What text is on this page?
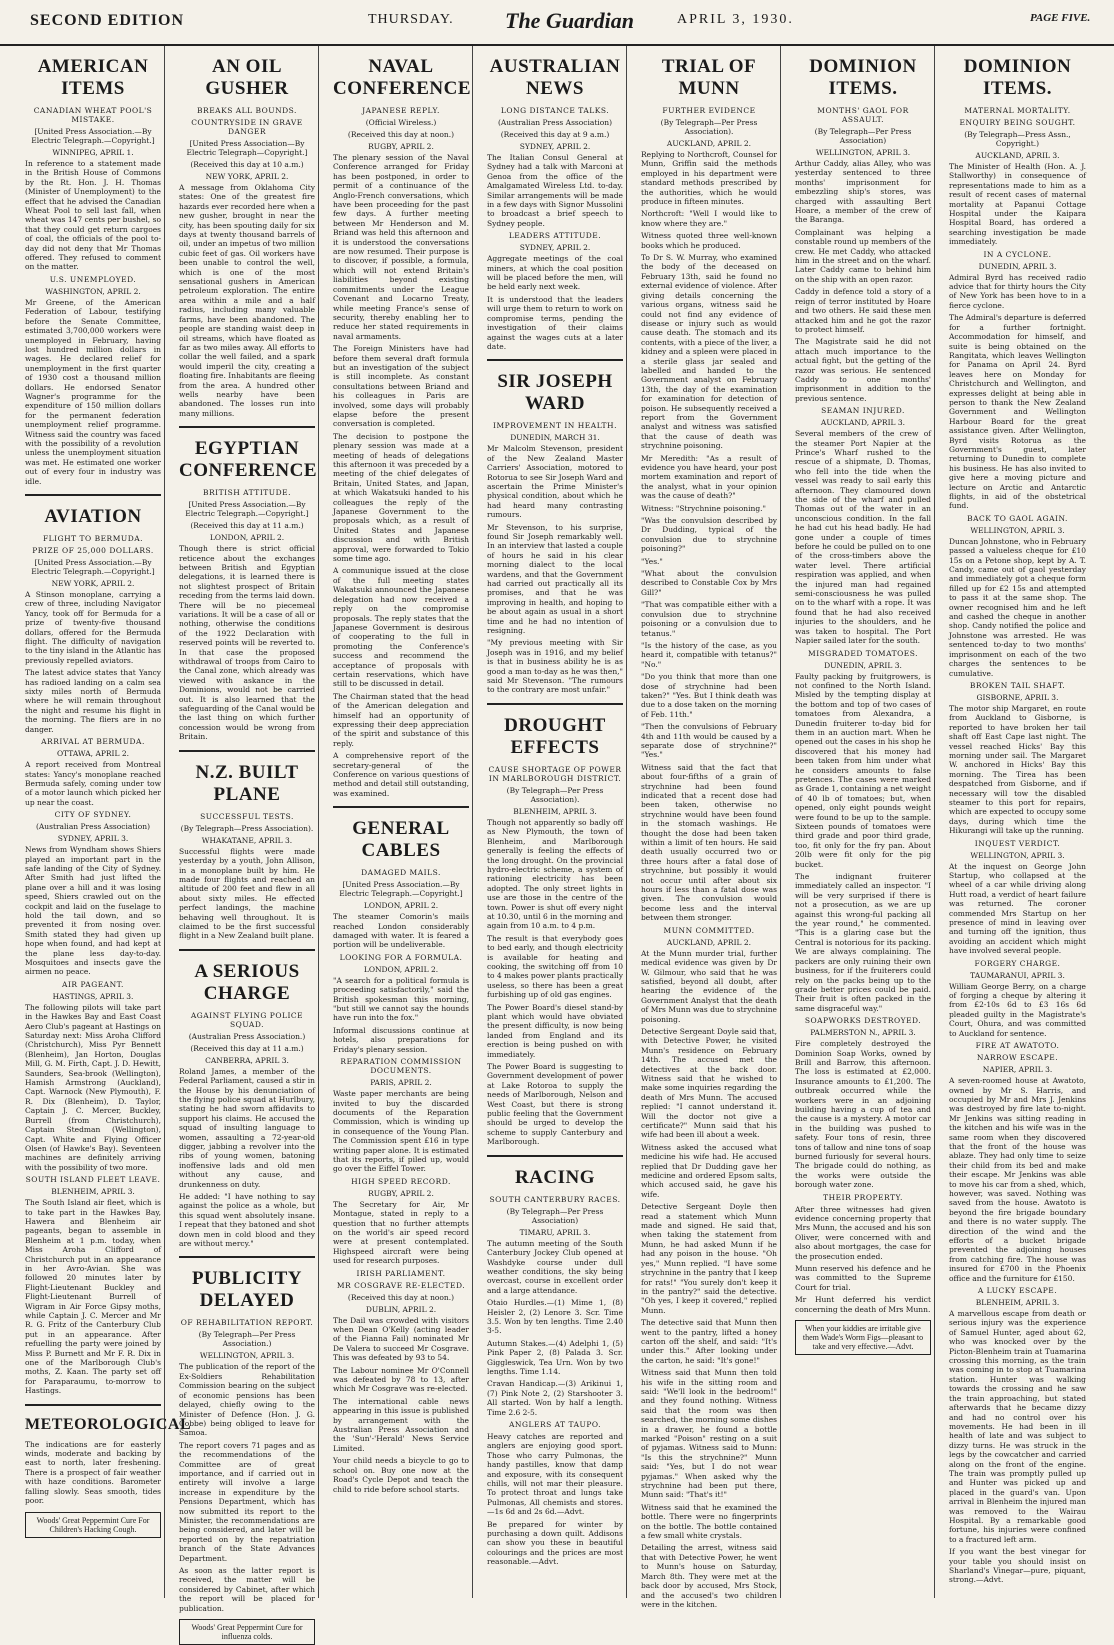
SECOND EDITION	THURSDAY. The Guardian	APRIL 3, 1930.	PAGE FIVE.
AMERICAN ITEMS
CANADIAN WHEAT POOL'S MISTAKE.
[United Press Association.—By Electric Telegraph.—Copyright.]
WINNIPEG, APRIL 1.
In reference to a statement made in the British House of Commons by the Rt. Hon. J. H. Thomas (Minister of Unemployment) to the effect that he advised the Canadian Wheat Pool to sell last fall, when wheat was 147 cents per bushel, so that they could get return cargoes of coal, the officials of the pool to-day did not deny that Mr Thomas offered. They refused to comment on the matter.
U.S. UNEMPLOYED.
WASHINGTON, APRIL 2.
Mr Greene, of the American Federation of Labour, testifying before the Senate Committee, estimated 3,700,000 workers were unemployed in February, having lost hundred million dollars in wages. He declared relief for unemployment in the first quarter of 1930 cost a thousand million dollars. He endorsed Senator Wagner's programme for the expenditure of 150 million dollars for the permanent federation unemployment relief programme. Witness said the country was faced with the possibility of a revolution unless the unemployment situation was met. He estimated one worker out of every four in industry was idle.
AVIATION
FLIGHT TO BERMUDA.
PRIZE OF 25,000 DOLLARS.
[United Press Association.—By Electric Telegraph.—Copyright.]
NEW YORK, APRIL 2.
A Stinson monoplane, carrying a crew of three, including Navigator Yancy, took off for Bermuda for a prize of twenty-five thousand dollars, offered for the Bermuda flight. The difficulty of navigation to the tiny island in the Atlantic has previously repelled aviators.
The latest advice states that Yancy has radioed landing on a calm sea sixty miles north of Bermuda where he will remain throughout the night and resume his flight in the morning. The fliers are in no danger.
ARRIVAL AT BERMUDA.
OTTAWA, APRIL 2.
A report received from Montreal states: Yancy's monoplane reached Bermuda safely, coming under tow of a motor launch which picked her up near the coast.
CITY OF SYDNEY.
(Australian Press Association)
SYDNEY, APRIL 3.
News from Wyndham shows Shiers played an important part in the safe landing of the City of Sydney. After Smith had just lifted the plane over a hill and it was losing speed, Shiers crawled out on the cockpit and laid on the fuselage to hold the tail down, and so prevented it from nosing over. Smith stated they had given up hope when found, and had kept at the plane less day-to-day. Mosquitoes and insects gave the airmen no peace.
AIR PAGEANT.
HASTINGS, APRIL 3.
The following pilots will take part in the Hawkes Bay and East Coast Aero Club's pageant at Hastings on Saturday next: Miss Aroha Clifford (Christchurch), Miss Pyr Bennett (Blenheim), Jan Horton, Douglas Mill, G. M. Firth, Capt. J. D. Hewitt, Saunders, Sea-brook (Wellington), Hamish Armstrong (Auckland), Capt. Warnock (New Plymouth), F. R. Dix (Blenheim), D. Taylor, Captain J. C. Mercer, Buckley, Burrell (from Christchurch), Captain Stedman (Wellington), Capt. White and Flying Officer Olsen (of Hawke's Bay). Seventeen machines are definitely arriving with the possibility of two more.
SOUTH ISLAND FLEET LEAVE.
BLENHEIM, APRIL 3.
The South Island air fleet, which is to take part in the Hawkes Bay, Hawera and Blenheim air pageants, began to assemble in Blenheim at 1 p.m. today, when Miss Aroha Clifford of Christchurch put in an appearance in her Avro-Avian. She was followed 20 minutes later by Flight-Lieutenant Buckley and Flight-Lieutenant Burrell of Wigram in Air Force Gipsy moths, while Captain J. C. Mercer and Mr R. G. Fritz of the Canterbury Club put in an appearance. After refuelling the party were joined by Miss P. Burnett and Mr F. R. Dix in one of the Marlborough Club's moths, Z. Kaan. The party set off for Paraparaumu, to-morrow to Hastings.
METEOROLOGICAL
The indications are for easterly winds, moderate and backing by east to north, later freshening. There is a prospect of fair weather with haze conditions. Barometer falling slowly. Seas smooth, tides poor.
Woods' Great Peppermint Cure For Children's Hacking Cough.
AN OIL GUSHER
BREAKS ALL BOUNDS.
COUNTRYSIDE IN GRAVE DANGER
[United Press Association—By Electric Telegraph—Copyright.]
(Received this day at 10 a.m.)
NEW YORK, APRIL 2.
A message from Oklahoma City states: One of the greatest fire hazards ever recorded here when a new gusher, brought in near the city, has been spouting daily for six days at twenty thousand barrels of oil, under an impetus of two million cubic feet of gas. Oil workers have been unable to control the well, which is one of the most sensational gushers in American petroleum exploration. The entire area within a mile and a half radius, including many valuable farms, have been abandoned. The people are standing waist deep in oil streams, which have floated as far as two miles away. All efforts to collar the well failed, and a spark would imperil the city, creating a floating fire. Inhabitants are fleeing from the area. A hundred other wells nearby have been abandoned. The losses run into many millions.
EGYPTIAN CONFERENCE
BRITISH ATTITUDE.
[United Press Association.—By Electric Telegraph.—Copyright.]
(Received this day at 11 a.m.)
LONDON, APRIL 2.
Though there is strict official reticence about the exchanges between British and Egyptian delegations, it is learned there is not slightest prospect of Britain receding from the terms laid down. There will be no piecemeal variations. It will be a case of all or nothing, otherwise the conditions of the 1922 Declaration with reserved points will be reverted to. In that case the proposed withdrawal of troops from Cairo to the Canal zone, which already was viewed with askance in the Dominions, would not be carried out. It is also learned that the safeguarding of the Canal would be the last thing on which further concession would be wrong from Britain.
N.Z. BUILT PLANE
SUCCESSFUL TESTS.
(By Telegraph—Press Association).
WHAKATANE, APRIL 3.
Successful flights were made yesterday by a youth, John Allison, in a monoplane built by him. He made four flights and reached an altitude of 200 feet and flew in all about sixty miles. He effected perfect landings, the machine behaving well throughout. It is claimed to be the first successful flight in a New Zealand built plane.
A SERIOUS CHARGE
AGAINST FLYING POLICE SQUAD.
(Australian Press Association.)
(Received this day at 11 a.m.)
CANBERRA, APRIL 3.
Roland James, a member of the Federal Parliament, caused a stir in the House by his denunciation of the flying police squad at Hurlbury, stating he had sworn affidavits to support his claims. He accused the squad of insulting language to women, assaulting a 72-year-old digger, jabbing a revolver into the ribs of young women, batoning inoffensive lads and old men without any cause, and drunkenness on duty.
He added: "I have nothing to say against the police as a whole, but this squad went absolutely insane. I repeat that they batoned and shot down men in cold blood and they are without mercy."
PUBLICITY DELAYED
OF REHABILITATION REPORT.
(By Telegraph—Per Press Association.)
WELLINGTON, APRIL 3.
The publication of the report of the Ex-Soldiers Rehabilitation Commission bearing on the subject of economic pensions has been delayed, chiefly owing to the Minister of Defence (Hon. J. G. Cobbe) being obliged to leave for Samoa.
The report covers 71 pages and as the recommendations of the Committee are of great importance, and if carried out in entirety will involve a large increase in expenditure by the Pensions Department, which has now submitted its report to the Minister, the recommendations are being considered, and later will be reported on by the repatriation branch of the State Advances Department.
As soon as the latter report is received, the matter will be considered by Cabinet, after which the report will be placed for publication.
Woods' Great Peppermint Cure for influenza colds.
NAVAL CONFERENCE
JAPANESE REPLY.
(Official Wireless.)
(Received this day at noon.)
RUGBY, APRIL 2.
The plenary session of the Naval Conference arranged for Friday has been postponed, in order to permit of a continuance of the Anglo-French conversations, which have been proceeding for the past few days. A further meeting between Mr Henderson and M. Briand was held this afternoon and it is understood the conversations are now resumed. Their purpose is to discover, if possible, a formula, which will not extend Britain's liabilities beyond existing commitments under the League Covenant and Locarno Treaty, while meeting France's sense of security, thereby enabling her to reduce her stated requirements in naval armaments.
The Foreign Ministers have had before them several draft formula but an investigation of the subject is still incomplete. As constant consultations between Briand and his colleagues in Paris are involved, some days will probably elapse before the present conversation is completed.
The decision to postpone the plenary session was made at a meeting of heads of delegations this afternoon it was preceded by a meeting of the chief delegates of Britain, United States, and Japan, at which Wakatsuki handed to his colleagues the reply of the Japanese Government to the proposals which, as a result of United States and Japanese discussion and with British approval, were forwarded to Tokio some time ago.
A communique issued at the close of the full meeting states Wakatsuki announced the Japanese delegation had now received a reply on the compromise proposals. The reply states that the Japanese Government is desirous of cooperating to the full in promoting the Conference's success and recommend the acceptance of proposals with certain reservations, which have still to be discussed in detail.
The Chairman stated that the head of the American delegation and himself had an opportunity of expressing their deep appreciation of the spirit and substance of this reply.
A comprehensive report of the secretary-general of the Conference on various questions of method and detail still outstanding, was examined.
GENERAL CABLES
DAMAGED MAILS.
[United Press Association.—By Electric Telegraph.—Copyright.]
LONDON, APRIL 2.
The steamer Comorin's mails reached London considerably damaged with water. It is feared a portion will be undeliverable.
LOOKING FOR A FORMULA.
LONDON, APRIL 2.
"A search for a political formula is proceeding satisfactorily," said the British spokesman this morning, "but still we cannot say the hounds have run into the fox."
Informal discussions continue at hotels, also preparations for Friday's plenary session.
REPARATION COMMISSION DOCUMENTS.
PARIS, APRIL 2.
Waste paper merchants are being invited to buy the discarded documents of the Reparation Commission, which is winding up in consequence of the Young Plan. The Commission spent £16 in type writing paper alone. It is estimated that its reports, if piled up, would go over the Eiffel Tower.
HIGH SPEED RECORD.
RUGBY, APRIL 2.
The Secretary for Air, Mr Montague, stated in reply to a question that no further attempts on the world's air speed record were at present contemplated. Highspeed aircraft were being used for research purposes.
IRISH PARLIAMENT.
MR COSGRAVE RE-ELECTED.
(Received this day at noon.)
DUBLIN, APRIL 2.
The Dail was crowded with visitors when Dean O'Kelly (acting leader of the Fianna Fail) nominated Mr De Valera to succeed Mr Cosgrave. This was defeated by 93 to 54.
The Labour nominee Mr O'Connell was defeated by 78 to 13, after which Mr Cosgrave was re-elected.
The international cable news appearing in this issue is published by arrangement with the Australian Press Association and the 'Sun'-'Herald' News Service Limited.
Your child needs a bicycle to go to school on. Buy one now at the Road's Cycle Depot and teach the child to ride before school starts.
AUSTRALIAN NEWS
LONG DISTANCE TALKS.
(Australian Press Association)
(Received this day at 9 a.m.)
SYDNEY, APRIL 2.
The Italian Consul General at Sydney had a talk with Marconi at Genoa from the office of the Amalgamated Wireless Ltd. to-day. Similar arrangements will be made in a few days with Signor Mussolini to broadcast a brief speech to Sydney people.
LEADERS ATTITUDE.
SYDNEY, APRIL 2.
Aggregate meetings of the coal miners, at which the coal position will be placed before the men, will be held early next week.
It is understood that the leaders will urge them to return to work on compromise terms, pending the investigation of their claims against the wages cuts at a later date.
SIR JOSEPH WARD
IMPROVEMENT IN HEALTH.
DUNEDIN, MARCH 31.
Mr Malcolm Stevenson, president of the New Zealand Master Carriers' Association, motored to Rotorua to see Sir Joseph Ward and ascertain the Prime Minister's physical condition, about which he had heard many contrasting rumours.
Mr Stevenson, to his surprise, found Sir Joseph remarkably well. In an interview that lasted a couple of hours he said in his clear morning dialect to the local wardens, and that the Government had carried out practically all its promises, and that he was improving in health, and hoping to be about again as usual in a short time and he had no intention of resigning.
"My previous meeting with Sir Joseph was in 1916, and my belief is that in business ability he is as good a man to-day as he was then," said Mr Stevenson. "The rumours to the contrary are most unfair."
DROUGHT EFFECTS
CAUSE SHORTAGE OF POWER IN MARLBOROUGH DISTRICT.
(By Telegraph—Per Press Association).
BLENHEIM, APRIL 3.
Though not apparently so badly off as New Plymouth, the town of Blenheim, and Marlborough generally is feeling the effects of the long drought. On the provincial hydro-electric scheme, a system of rationing electricity has been adopted. The only street lights in use are those in the centre of the town. Power is shut off every night at 10.30, until 6 in the morning and again from 10 a.m. to 4 p.m.
The result is that everybody goes to bed early, and though electricity is available for heating and cooking, the switching off from 10 to 4 makes power plants practically useless, so there has been a great furbishing up of old gas engines.
The Power Board's diesel stand-by plant which would have obviated the present difficulty, is now being landed from England and its erection is being pushed on with immediately.
The Power Board is suggesting to Government development of power at Lake Rotoroa to supply the needs of Marlborough, Nelson and West Coast, but there is strong public feeling that the Government should be urged to develop the scheme to supply Canterbury and Marlborough.
RACING
SOUTH CANTERBURY RACES.
(By Telegraph—Per Press Association)
TIMARU, APRIL 3.
The autumn meeting of the South Canterbury Jockey Club opened at Washdyke course under dull weather conditions, the sky being overcast, course in excellent order and a large attendance.
Otaio Hurdles.—(1) Mime 1, (8) Heisler 2, (2) Lenore 3. Scr. Time 3.5. Won by ten lengths. Time 2.40 3-5.
Autumn Stakes.—(4) Adelphi 1, (5) Pink Paper 2, (8) Palada 3. Scr. Giggleswick, Tea Urn. Won by two lengths. Time 1.14.
Cravan Handicap.—(3) Arikinui 1, (7) Pink Note 2, (2) Starshooter 3. All started. Won by half a length. Time 2.6 2-5.
ANGLERS AT TAUPO.
Heavy catches are reported and anglers are enjoying good sport. Those who carry Pulmonas, the handy pastilles, know that damp and exposure, with its consequent chills, will not mar their pleasure. To protect throat and lungs take Pulmonas, All chemists and stores.—1s 6d and 2s 6d.—Advt.
Be prepared for winter by purchasing a down quilt. Addisons can show you these in beautiful colourings and the prices are most reasonable.—Advt.
TRIAL OF MUNN
FURTHER EVIDENCE
(By Telegraph—Per Press Association).
AUCKLAND, APRIL 2.
Replying to Northcroft, Counsel for Munn, Griffin said the methods employed in his department were standard methods prescribed by the authorities, which he would produce in fifteen minutes.
Northcroft: "Well I would like to know where they are."
Witness quoted three well-known books which he produced.
To Dr S. W. Murray, who examined the body of the deceased on February 13th, said he found no external evidence of violence. After giving details concerning the various organs, witness said he could not find any evidence of disease or injury such as would cause death. The stomach and its contents, with a piece of the liver, a kidney and a spleen were placed in a sterile glass jar sealed and labelled and handed to the Government analyst on February 13th, the day of the examination for examination for detection of poison. He subsequently received a report from the Government analyst and witness was satisfied that the cause of death was strychnine poisoning.
Mr Meredith: "As a result of evidence you have heard, your post mortem examination and report of the analyst, what in your opinion was the cause of death?"
Witness: "Strychnine poisoning."
"Was the convulsion described by Dr Dudding, typical of the convulsion due to strychnine poisoning?"
"Yes."
"What about the convulsion described to Constable Cox by Mrs Gill?"
"That was compatible either with a convulsion due to strychnine poisoning or a convulsion due to tetanus."
"Is the history of the case, as you heard it, compatible with tetanus?" "No."
"Do you think that more than one dose of strychnine had been taken?" "Yes. But I think death was due to a dose taken on the morning of Feb. 11th."
"Then the convulsions of February 4th and 11th would be caused by a separate dose of strychnine?" "Yes."
Witness said that the fact that about four-fifths of a grain of strychnine had been found indicated that a recent dose had been taken, otherwise no strychnine would have been found in the stomach washings. He thought the dose had been taken within a limit of ten hours. He said death usually occurred two or three hours after a fatal dose of strychnine, but possibly it would not occur until after about six hours if less than a fatal dose was given. The convulsion would become less and the interval between them stronger.
MUNN COMMITTED.
AUCKLAND, APRIL 2.
At the Munn murder trial, further medical evidence was given by Dr W. Gilmour, who said that he was satisfied, beyond all doubt, after hearing the evidence of the Government Analyst that the death of Mrs Munn was due to strychnine poisoning.
Detective Sergeant Doyle said that, with Detective Power, he visited Munn's residence on February 14th. The accused met the detectives at the back door. Witness said that he wished to make some inquiries regarding the death of Mrs Munn. The accused replied: "I cannot understand it. Will the doctor not give a certificate?" Munn said that his wife had been ill about a week.
Witness asked the accused what medicine his wife had. He accused replied that Dr Dudding gave her medicine and ordered Epsom salts, which accused said, he gave his wife.
Detective Sergeant Doyle then read a statement which Munn made and signed. He said that, when taking the statement from Munn, he had asked Munn if he had any poison in the house. "Oh yes," Munn replied. "I have some strychnine in the pantry that I keep for rats!" "You surely don't keep it in the pantry?" said the detective. "Oh yes, I keep it covered," replied Munn.
The detective said that Munn then went to the pantry, lifted a honey carton off the shelf, and said: "It's under this." After looking under the carton, he said: "It's gone!"
Witness said that Munn then told his wife in the sitting room and said: "We'll look in the bedroom!" and they found nothing. Witness said that the room was then searched, the morning some dishes in a drawer, he found a bottle marked "Poison" resting on a suit of pyjamas. Witness said to Munn: "Is this the strychnine?" Munn said: "Yes, but I do not wear pyjamas." When asked why the strychnine had been put there, Munn said: "That's it!"
Witness said that he examined the bottle. There were no fingerprints on the bottle. The bottle contained a few small white crystals.
Detailing the arrest, witness said that with Detective Power, he went to Munn's house on Saturday, March 8th. They were met at the back door by accused, Mrs Stock, and the accused's two children were in the kitchen.
DOMINION ITEMS.
MONTHS' GAOL FOR ASSAULT.
(By Telegraph—Per Press Association)
WELLINGTON, APRIL 3.
Arthur Caddy, alias Alley, who was yesterday sentenced to three months' imprisonment for embezzling ship's stores, was charged with assaulting Bert Hoare, a member of the crew of the Baranga.
Complainant was helping a constable round up members of the crew. He met Caddy, who attacked him in the street and on the wharf. Later Caddy came to behind him on the ship with an open razor.
Caddy in defence told a story of a reign of terror instituted by Hoare and two others. He said these men attacked him and he got the razor to protect himself.
The Magistrate said he did not attach much importance to the actual fight, but the getting of the razor was serious. He sentenced Caddy to one months' imprisonment in addition to the previous sentence.
SEAMAN INJURED.
AUCKLAND, APRIL 3.
Several members of the crew of the steamer Port Napier at the Prince's Wharf rushed to the rescue of a shipmate, D. Thomas, who fell into the tide when the vessel was ready to sail early this afternoon. They clamoured down the side of the wharf and pulled Thomas out of the water in an unconscious condition. In the fall he had cut his head badly. He had gone under a couple of times before he could be pulled on to one of the cross-timbers above the water level. There artificial respiration was applied, and when the injured man had regained semi-consciousness he was pulled on to the wharf with a rope. It was found that he had also received injuries to the shoulders, and he was taken to hospital. The Port Napier sailed later for the south.
MISGRADED TOMATOES.
DUNEDIN, APRIL 3.
Faulty packing by fruitgrowers, is not confined to the North Island. Misled by the tempting display at the bottom and top of two cases of tomatoes from Alexandra, a Dunedin fruiterer to-day bid for them in an auction mart. When he opened out the cases in his shop he discovered that his money had been taken from him under what he considers amounts to false pretences. The cases were marked as Grade 1, containing a net weight of 40 lb of tomatoes; but, when opened, only eight pounds weight were found to be up to the sample. Sixteen pounds of tomatoes were third grade and poor third grade, too, fit only for the fry pan. About 20lb were fit only for the pig bucket.
The indignant fruiterer immediately called an inspector. "I will be very surprised if there is not a prosecution, as we are up against this wrong-ful packing all the year round," he commented. "This is a glaring case but the Central is notorious for its packing. We are always complaining. The packers are only ruining their own business, for if the fruiterers could rely on the packs being up to the grade better prices could be paid. Their fruit is often packed in the same disgraceful way."
SOAPWORKS DESTROYED.
PALMERSTON N., APRIL 3.
Fire completely destroyed the Dominion Soap Works, owned by Brill and Barrow, this afternoon. The loss is estimated at £2,000. Insurance amounts to £1,200. The outbreak occurred while the workers were in an adjoining building having a cup of tea and the cause is a mystery. A motor car in the building was pushed to safety. Four tons of resin, three tons of tallow and nine tons of soap burned furiously for several hours. The brigade could do nothing, as the works were outside the borough water zone.
THEIR PROPERTY.
After three witnesses had given evidence concerning property that Mrs Munn, the accused and his son Oliver, were concerned with and also about mortgages, the case for the prosecution ended.
Munn reserved his defence and he was committed to the Supreme Court for trial.
Mr Hunt deferred his verdict concerning the death of Mrs Munn.
When your kiddies are irritable give them Wade's Worm Figs—pleasant to take and very effective.—Advt.
DOMINION ITEMS.
MATERNAL MORTALITY.
ENQUIRY BEING SOUGHT.
(By Telegraph—Press Assn., Copyright.)
AUCKLAND, APRIL 3.
The Minister of Health (Hon. A. J. Stallworthy) in consequence of representations made to him as a result of recent cases of maternal mortality at Papanui Cottage Hospital under the Kaipara Hospital Board, has ordered a searching investigation be made immediately.
IN A CYCLONE.
DUNEDIN, APRIL 3.
Admiral Byrd has received radio advice that for thirty hours the City of New York has been hove to in a fierce cyclone.
The Admiral's departure is deferred for a further fortnight. Accommodation for himself, and suite is being obtained on the Rangitata, which leaves Wellington for Panama on April 24. Byrd leaves here on Monday for Christchurch and Wellington, and expresses delight at being able in person to thank the New Zealand Government and Wellington Harbour Board for the great assistance given. After Wellington, Byrd visits Rotorua as the Government's guest, later returning to Dunedin to complete his business. He has also invited to give here a moving picture and lecture on Arctic and Antarctic flights, in aid of the obstetrical fund.
BACK TO GAOL AGAIN.
WELLINGTON, APRIL 3.
Duncan Johnstone, who in February passed a valueless cheque for £10 15s on a Petone shop, kept by A. T. Candy, came out of gaol yesterday and immediately got a cheque form filled up for £2 15s and attempted to pass it at the same shop. The owner recognised him and he left and cashed the cheque in another shop. Candy notified the police and Johnstone was arrested. He was sentenced to-day to two months' imprisonment on each of the two charges the sentences to be cumulative.
BROKEN TAIL SHAFT.
GISBORNE, APRIL 3.
The motor ship Margaret, en route from Auckland to Gisborne, is reported to have broken her tail shaft off East Cape last night. The vessel reached Hicks' Bay this morning under sail. The Margaret W. anchored in Hicks' Bay this morning. The Tirea has been despatched from Gisborne, and if necessary will tow the disabled steamer to this port for repairs, which are expected to occupy some days, during which time the Hikurangi will take up the running.
INQUEST VERDICT.
WELLINGTON, APRIL 3.
At the inquest on George John Startup, who collapsed at the wheel of a car while driving along Hutt road, a verdict of heart failure was returned. The coroner commended Mrs Startup on her presence of mind in leaving over and turning off the ignition, thus avoiding an accident which might have involved several people.
FORGERY CHARGE.
TAUMARANUI, APRIL 3.
William George Berry, on a charge of forging a cheque by altering it from £2-10s 6d to £3 16s 6d pleaded guilty in the Magistrate's Court, Ohura, and was committed to Auckland for sentence.
FIRE AT AWATOTO.
NARROW ESCAPE.
NAPIER, APRIL 3.
A seven-roomed house at Awatoto, owned by Mr S. Harris, and occupied by Mr and Mrs J. Jenkins was destroyed by fire late to-night. Mr Jenkins was sitting reading in the kitchen and his wife was in the same room when they discovered that the front of the house was ablaze. They had only time to seize their child from its bed and make their escape. Mr Jenkins was able to move his car from a shed, which, however, was saved. Nothing was saved from the house. Awatoto is beyond the fire brigade boundary and there is no water supply. The direction of the wind and the efforts of a bucket brigade prevented the adjoining houses from catching fire. The house was insured for £700 in the Phoenix office and the furniture for £150.
A LUCKY ESCAPE.
BLENHEIM, APRIL 3.
A marvellous escape from death or serious injury was the experience of Samuel Hunter, aged about 62, who was knocked over by the Picton-Blenheim train at Tuamarina crossing this morning, as the train was coming in to stop at Tuamarina station. Hunter was walking towards the crossing and he saw the train approaching, but stated afterwards that he became dizzy and had no control over his movements. He had been in ill health of late and was subject to dizzy turns. He was struck in the legs by the cowcatcher and carried along on the front of the engine. The train was promptly pulled up and Hunter was picked up and placed in the guard's van. Upon arrival in Blenheim the injured man was removed to the Wairau Hospital. By a remarkable good fortune, his injuries were confined to a fractured left arm.
If you want the best vinegar for your table you should insist on Sharland's Vinegar—pure, piquant, strong.—Advt.
